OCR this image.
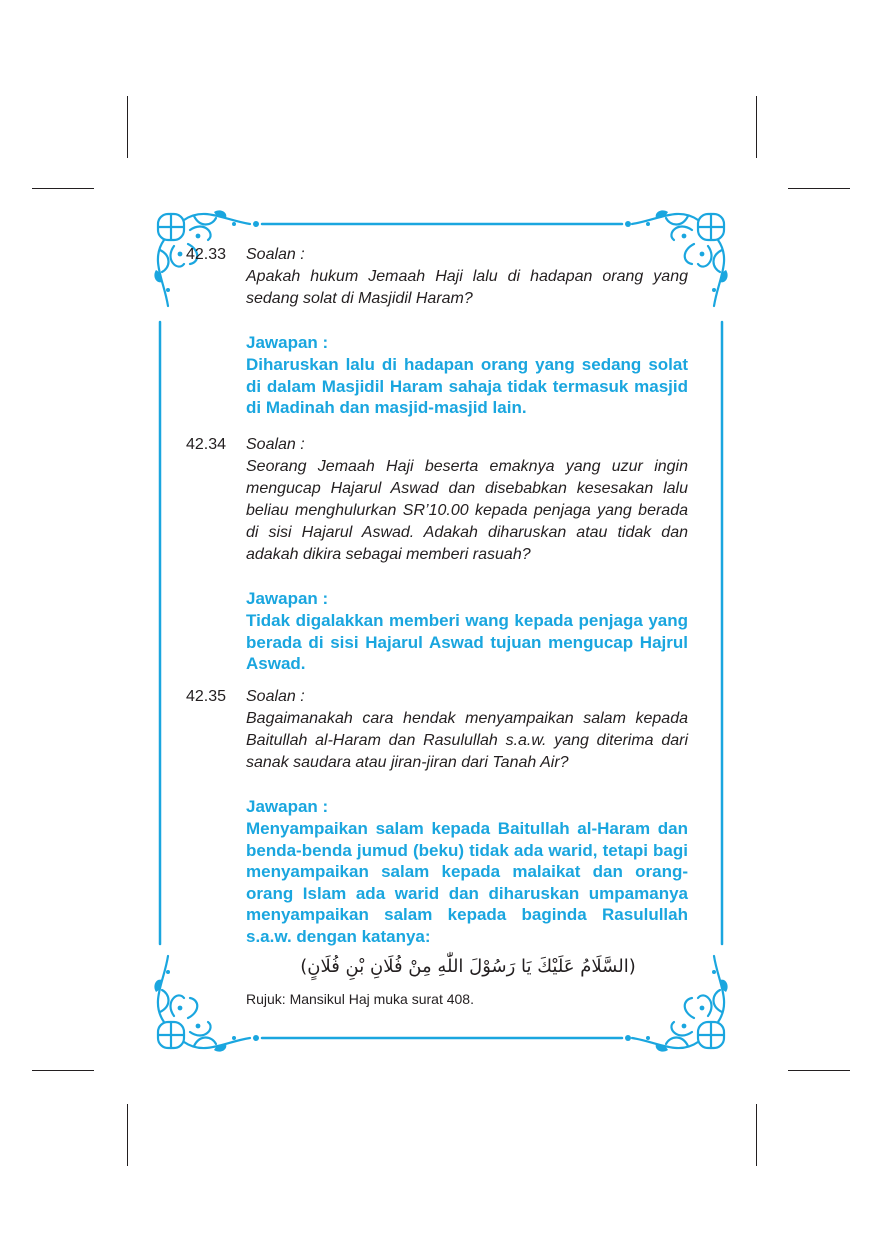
42.33	Soalan :
Apakah hukum Jemaah Haji lalu di hadapan orang yang sedang solat di Masjidil Haram?
Jawapan :
Diharuskan lalu di hadapan orang yang sedang solat di dalam Masjidil Haram sahaja tidak termasuk masjid di Madinah dan masjid-masjid lain.
42.34	Soalan :
Seorang Jemaah Haji beserta emaknya yang uzur ingin mengucap Hajarul Aswad dan disebabkan kesesakan lalu beliau menghulurkan SR’10.00 kepada penjaga yang berada di sisi Hajarul Aswad. Adakah diharuskan atau tidak dan adakah dikira sebagai memberi rasuah?
Jawapan :
Tidak digalakkan memberi wang kepada penjaga yang berada di sisi Hajarul Aswad tujuan mengucap Hajrul Aswad.
42.35	Soalan :
Bagaimanakah cara hendak menyampaikan salam kepada Baitullah al-Haram dan Rasulullah s.a.w. yang diterima dari sanak saudara atau jiran-jiran dari Tanah Air?
Jawapan :
Menyampaikan salam kepada Baitullah al-Haram dan benda-benda jumud (beku) tidak ada warid, tetapi bagi menyampaikan salam kepada malaikat dan orang-orang Islam ada warid dan diharuskan umpamanya menyampaikan salam kepada baginda Rasulullah s.a.w. dengan katanya:
(السَّلَامُ عَلَيْكَ يَا رَسُوْلَ اللّٰهِ مِنْ فُلَانِ بْنِ فُلَانٍ)
Rujuk: Mansikul Haj muka surat 408.
